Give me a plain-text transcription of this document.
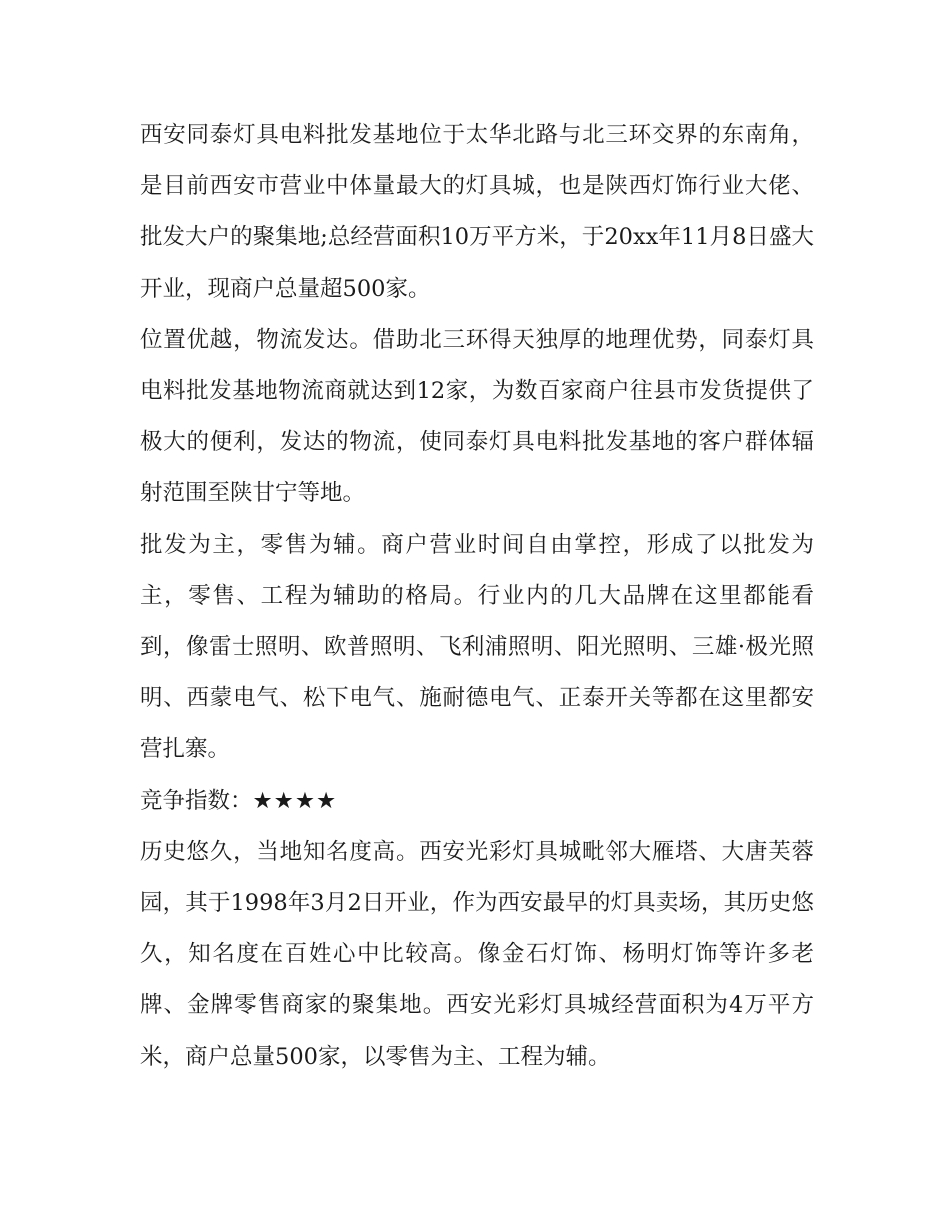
西安同泰灯具电料批发基地位于太华北路与北三环交界的东南角，是目前西安市营业中体量最大的灯具城，也是陕西灯饰行业大佬、批发大户的聚集地;总经营面积10万平方米，于20xx年11月8日盛大开业，现商户总量超500家。

位置优越，物流发达。借助北三环得天独厚的地理优势，同泰灯具电料批发基地物流商就达到12家，为数百家商户往县市发货提供了极大的便利，发达的物流，使同泰灯具电料批发基地的客户群体辐射范围至陕甘宁等地。

批发为主，零售为辅。商户营业时间自由掌控，形成了以批发为主，零售、工程为辅助的格局。行业内的几大品牌在这里都能看到，像雷士照明、欧普照明、飞利浦照明、阳光照明、三雄·极光照明、西蒙电气、松下电气、施耐德电气、正泰开关等都在这里都安营扎寨。

竞争指数：★★★★

历史悠久，当地知名度高。西安光彩灯具城毗邻大雁塔、大唐芙蓉园，其于1998年3月2日开业，作为西安最早的灯具卖场，其历史悠久，知名度在百姓心中比较高。像金石灯饰、杨明灯饰等许多老牌、金牌零售商家的聚集地。西安光彩灯具城经营面积为4万平方米，商户总量500家，以零售为主、工程为辅。
